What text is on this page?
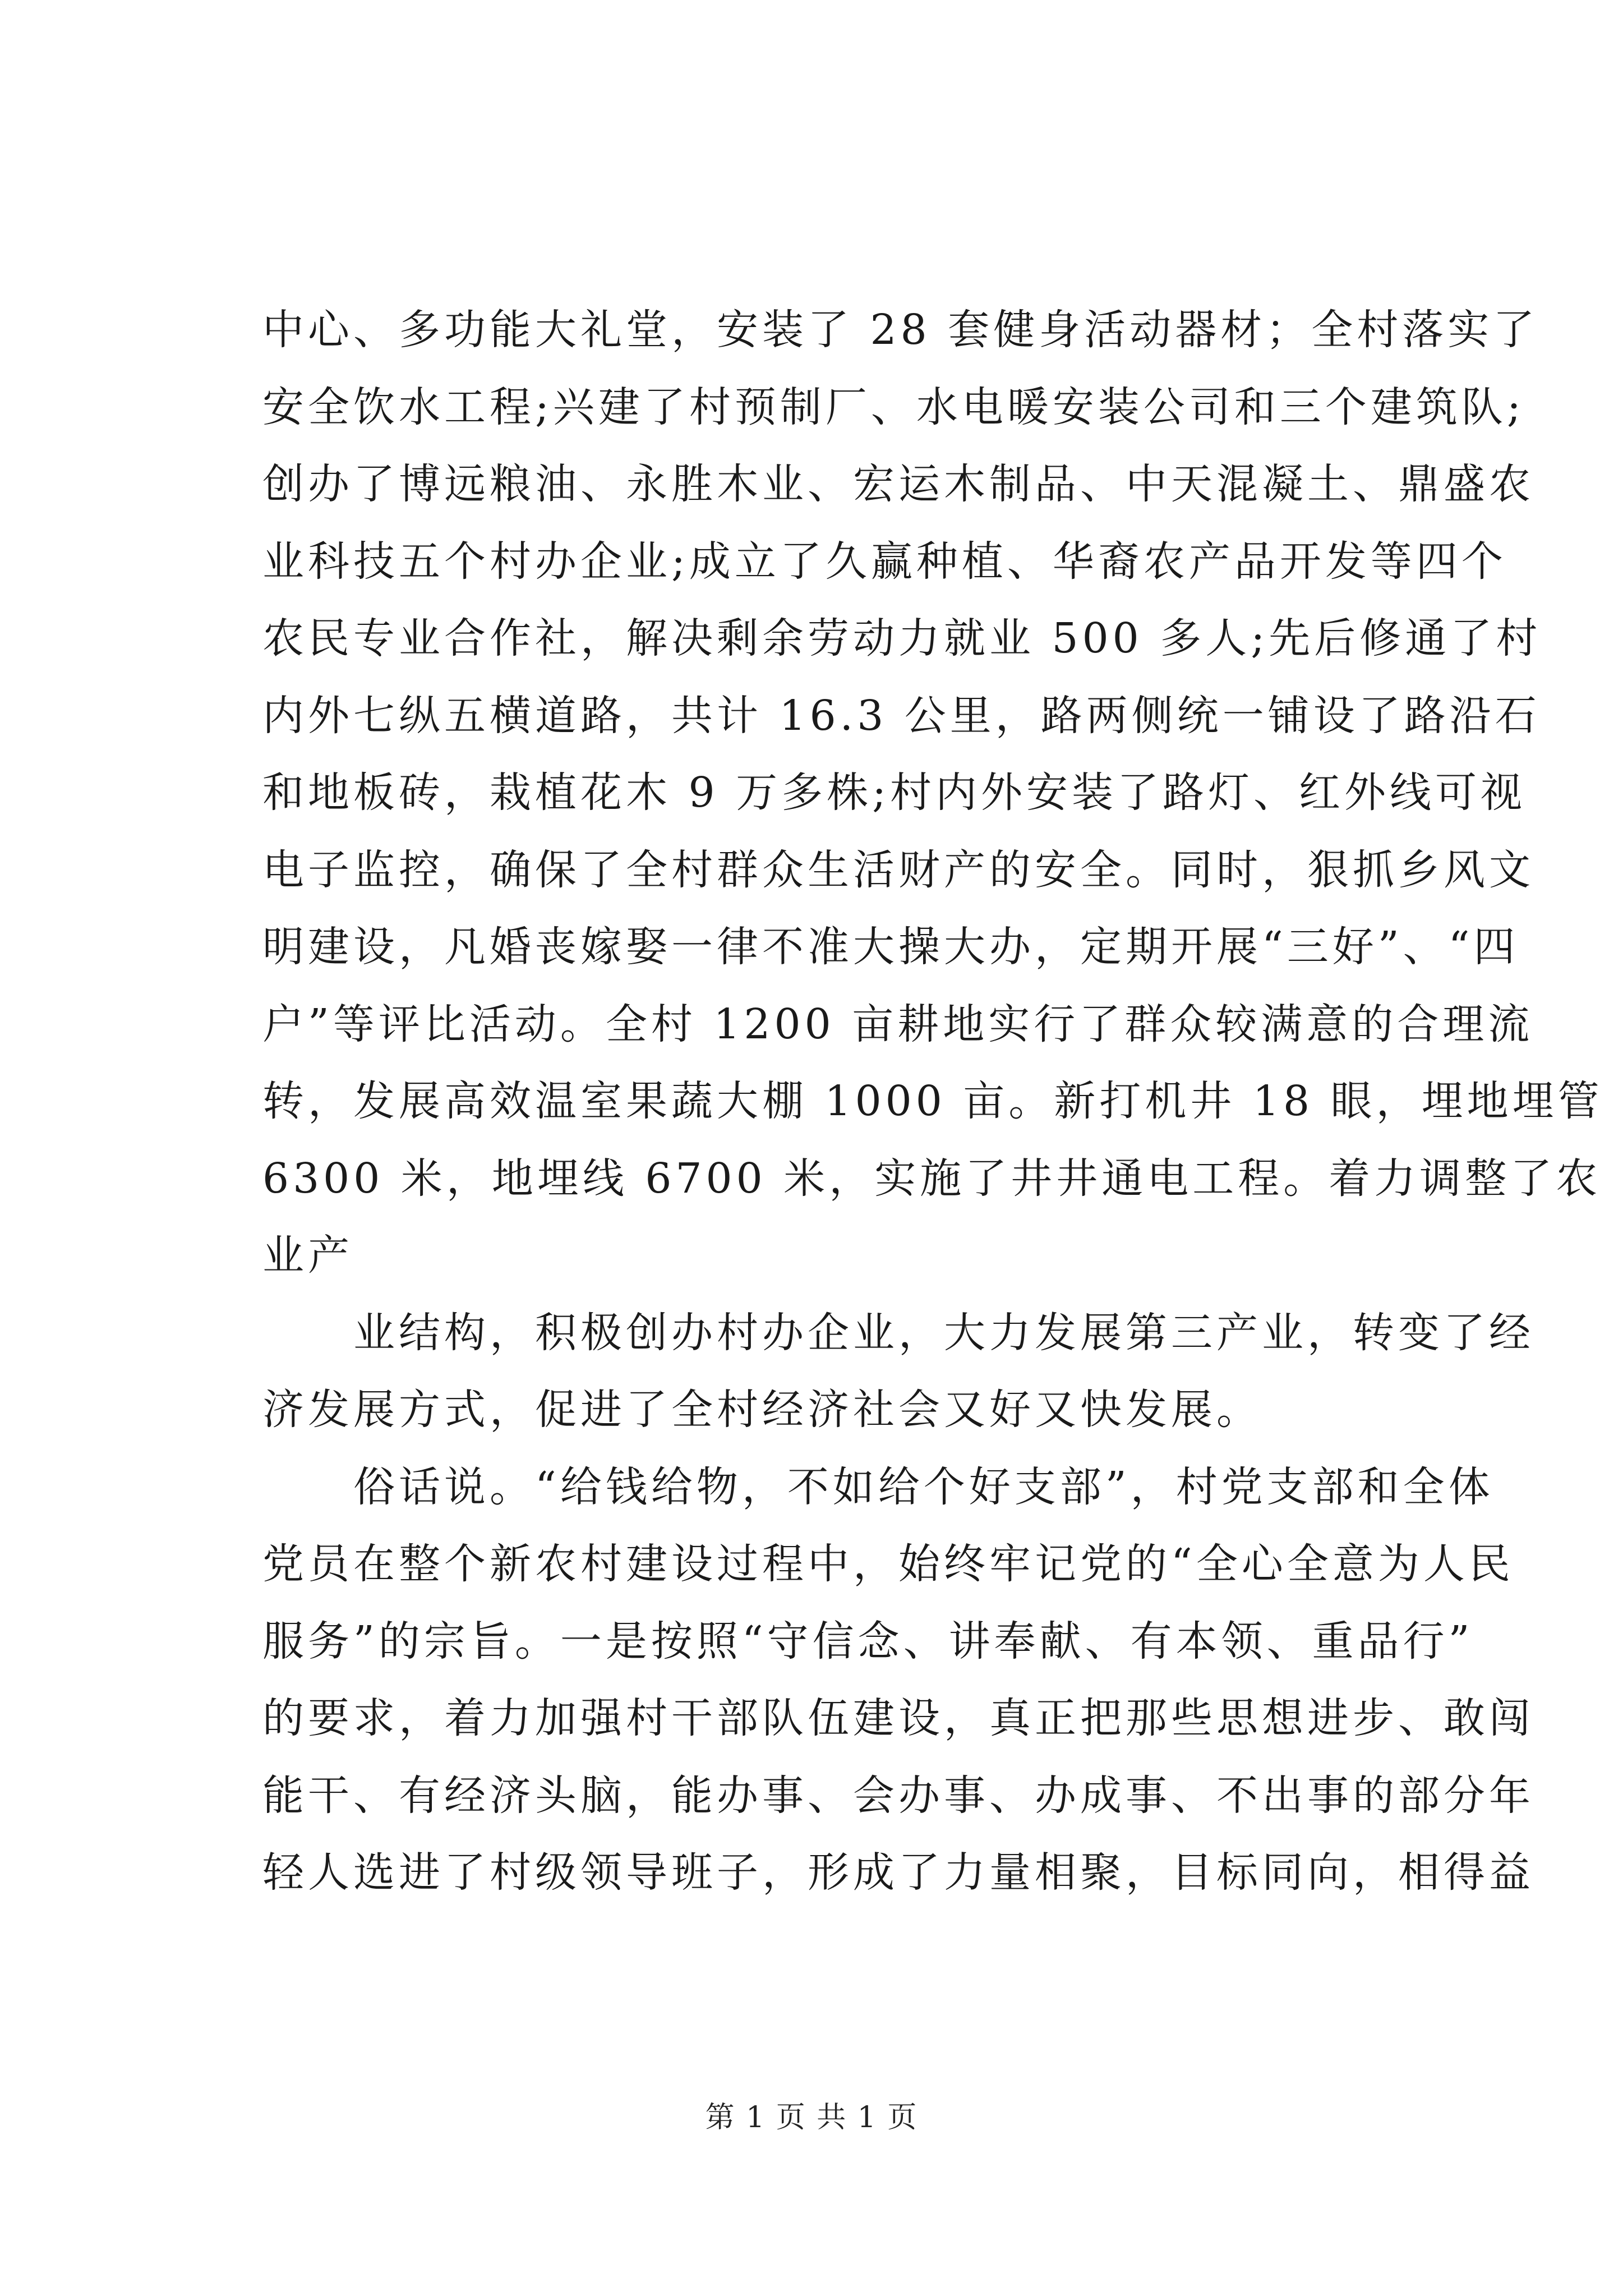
中心、多功能大礼堂，安装了 28 套健身活动器材；全村落实了
安全饮水工程;兴建了村预制厂、水电暖安装公司和三个建筑队;
创办了博远粮油、永胜木业、宏运木制品、中天混凝土、鼎盛农
业科技五个村办企业;成立了久赢种植、华裔农产品开发等四个
农民专业合作社，解决剩余劳动力就业 500 多人;先后修通了村
内外七纵五横道路，共计 16.3 公里，路两侧统一铺设了路沿石
和地板砖，栽植花木 9 万多株;村内外安装了路灯、红外线可视
电子监控，确保了全村群众生活财产的安全。同时，狠抓乡风文
明建设，凡婚丧嫁娶一律不准大操大办，定期开展“三好”、“四
户”等评比活动。全村 1200 亩耕地实行了群众较满意的合理流
转，发展高效温室果蔬大棚 1000 亩。新打机井 18 眼，埋地埋管
6300 米，地埋线 6700 米，实施了井井通电工程。着力调整了农
业产
　　业结构，积极创办村办企业，大力发展第三产业，转变了经
济发展方式，促进了全村经济社会又好又快发展。
　　俗话说。“给钱给物，不如给个好支部”，村党支部和全体
党员在整个新农村建设过程中，始终牢记党的“全心全意为人民
服务”的宗旨。一是按照“守信念、讲奉献、有本领、重品行”
的要求，着力加强村干部队伍建设，真正把那些思想进步、敢闯
能干、有经济头脑，能办事、会办事、办成事、不出事的部分年
轻人选进了村级领导班子，形成了力量相聚，目标同向，相得益
第 1 页 共 1 页
